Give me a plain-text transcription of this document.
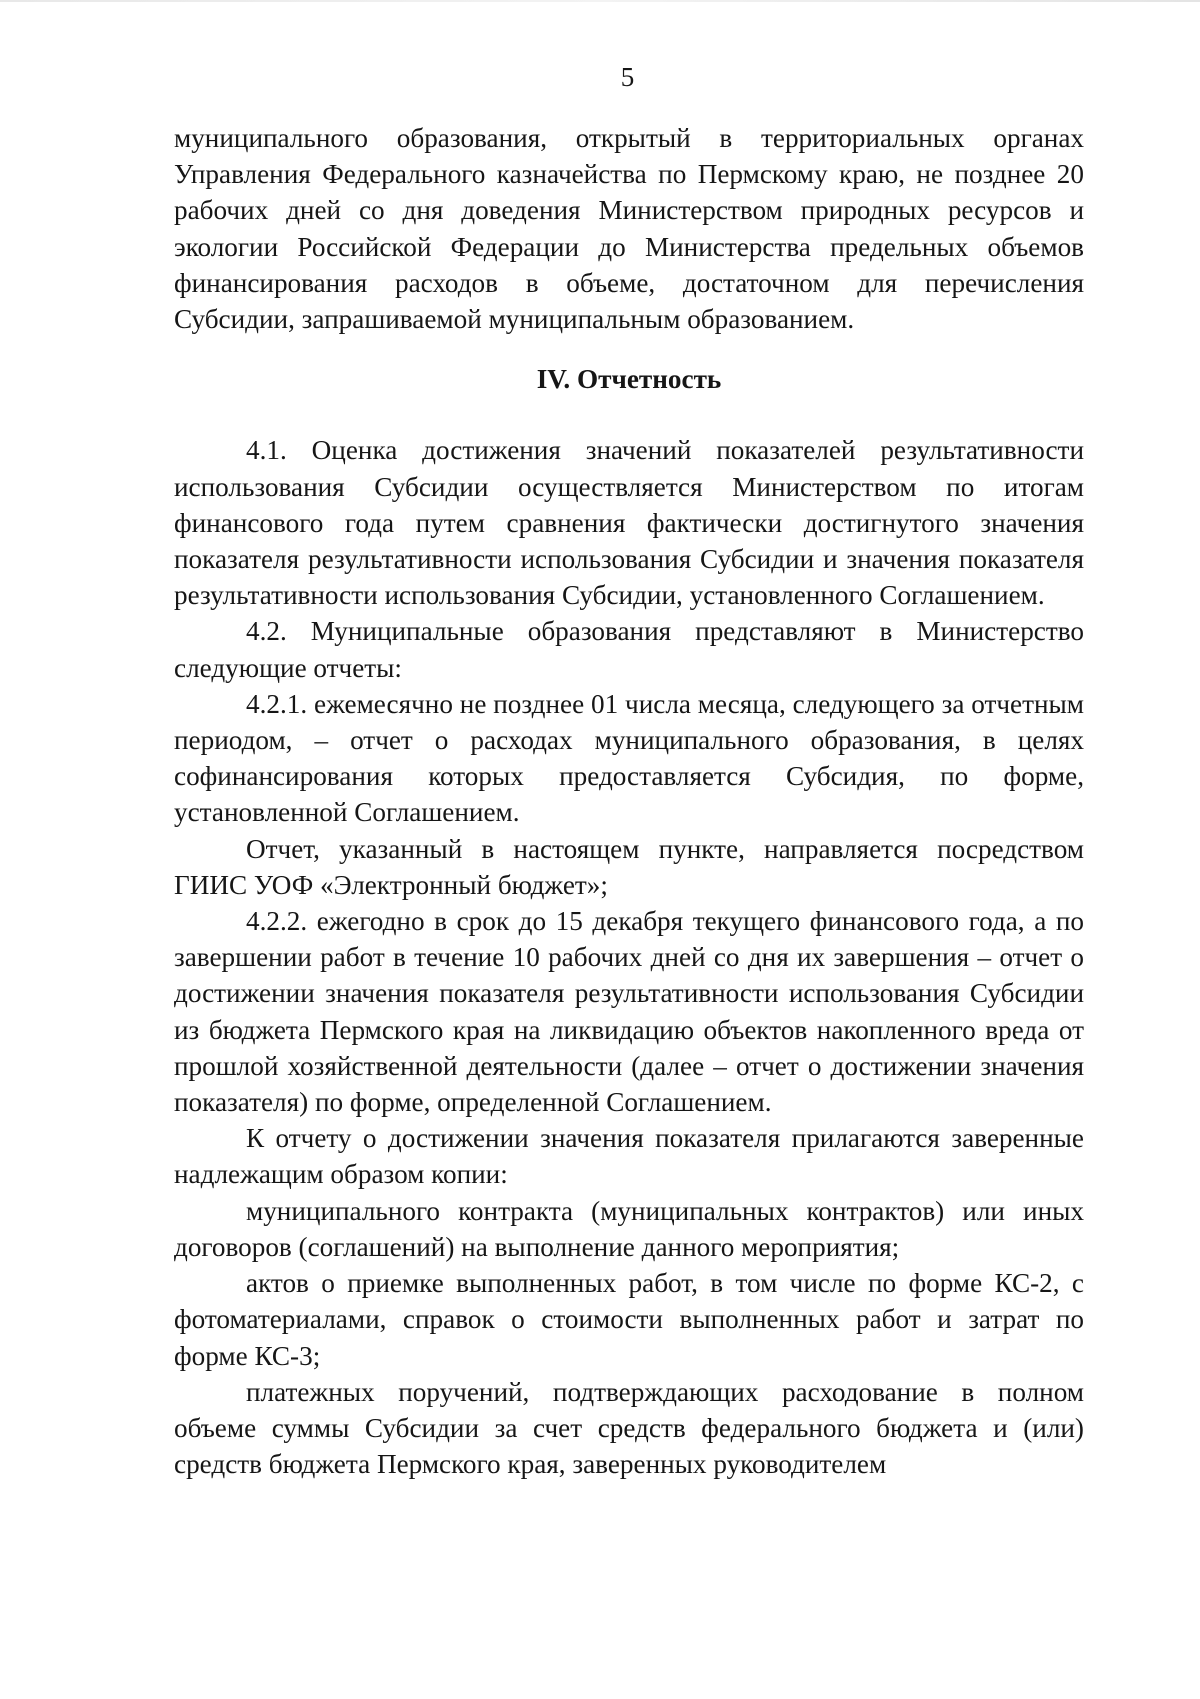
5

муниципального образования, открытый в территориальных органах Управления Федерального казначейства по Пермскому краю, не позднее 20 рабочих дней со дня доведения Министерством природных ресурсов и экологии Российской Федерации до Министерства предельных объемов финансирования расходов в объеме, достаточном для перечисления Субсидии, запрашиваемой муниципальным образованием.

IV. Отчетность

4.1. Оценка достижения значений показателей результативности использования Субсидии осуществляется Министерством по итогам финансового года путем сравнения фактически достигнутого значения показателя результативности использования Субсидии и значения показателя результативности использования Субсидии, установленного Соглашением.

4.2. Муниципальные образования представляют в Министерство следующие отчеты:

4.2.1. ежемесячно не позднее 01 числа месяца, следующего за отчетным периодом, – отчет о расходах муниципального образования, в целях софинансирования которых предоставляется Субсидия, по форме, установленной Соглашением.

Отчет, указанный в настоящем пункте, направляется посредством ГИИС УОФ «Электронный бюджет»;

4.2.2. ежегодно в срок до 15 декабря текущего финансового года, а по завершении работ в течение 10 рабочих дней со дня их завершения – отчет о достижении значения показателя результативности использования Субсидии из бюджета Пермского края на ликвидацию объектов накопленного вреда от прошлой хозяйственной деятельности (далее – отчет о достижении значения показателя) по форме, определенной Соглашением.

К отчету о достижении значения показателя прилагаются заверенные надлежащим образом копии:

муниципального контракта (муниципальных контрактов) или иных договоров (соглашений) на выполнение данного мероприятия;

актов о приемке выполненных работ, в том числе по форме КС-2, с фотоматериалами, справок о стоимости выполненных работ и затрат по форме КС-3;

платежных поручений, подтверждающих расходование в полном объеме суммы Субсидии за счет средств федерального бюджета и (или) средств бюджета Пермского края, заверенных руководителем
